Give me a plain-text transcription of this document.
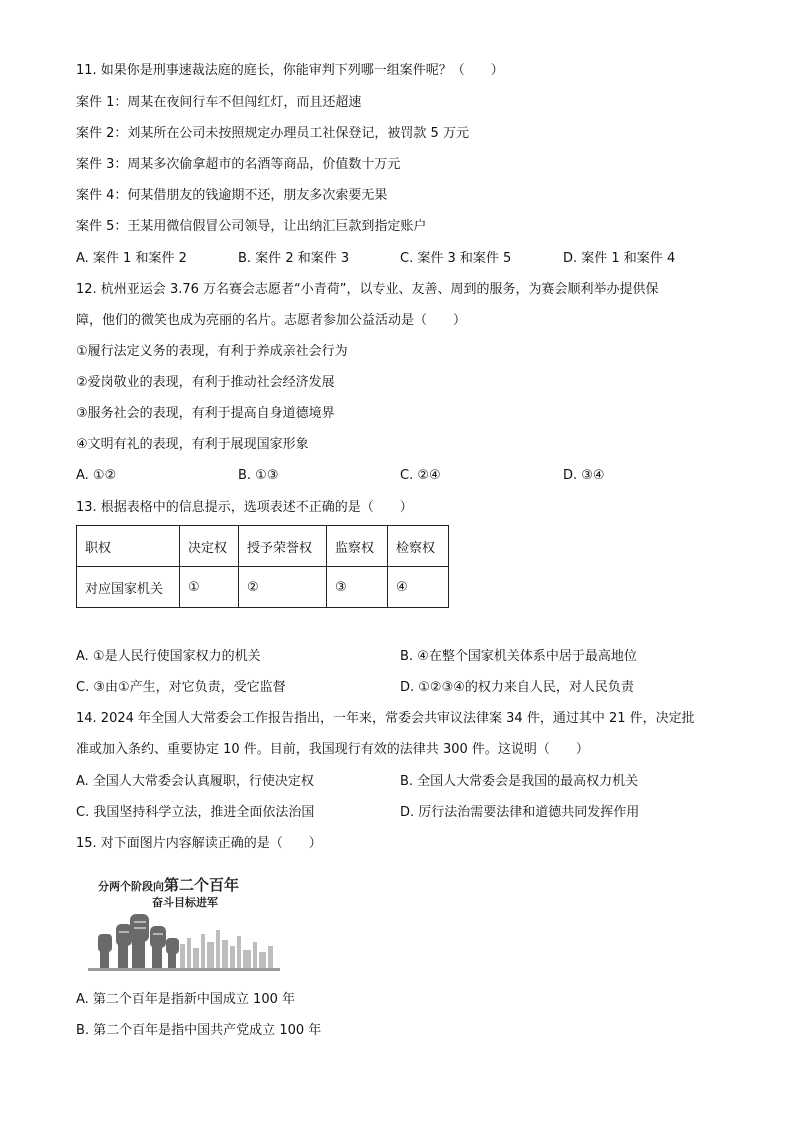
11. 如果你是刑事速裁法庭的庭长，你能审判下列哪一组案件呢？（　　）
案件 1：周某在夜间行车不但闯红灯，而且还超速
案件 2：刘某所在公司未按照规定办理员工社保登记，被罚款 5 万元
案件 3：周某多次偷拿超市的名酒等商品，价值数十万元
案件 4：何某借朋友的钱逾期不还，朋友多次索要无果
案件 5：王某用微信假冒公司领导，让出纳汇巨款到指定账户
A. 案件 1 和案件 2	B. 案件 2 和案件 3	C. 案件 3 和案件 5	D. 案件 1 和案件 4
12. 杭州亚运会 3.76 万名赛会志愿者“小青荷”，以专业、友善、周到的服务，为赛会顺利举办提供保
障，他们的微笑也成为亮丽的名片。志愿者参加公益活动是（　　）
①履行法定义务的表现，有利于养成亲社会行为
②爱岗敬业的表现，有利于推动社会经济发展
③服务社会的表现，有利于提高自身道德境界
④文明有礼的表现，有利于展现国家形象
A. ①②	B. ①③	C. ②④	D. ③④
13. 根据表格中的信息提示，选项表述不正确的是（　　）
职权	决定权	授予荣誉权	监察权	检察权
对应国家机关	①	②	③	④
A. ①是人民行使国家权力的机关	B. ④在整个国家机关体系中居于最高地位
C. ③由①产生，对它负责，受它监督	D. ①②③④的权力来自人民，对人民负责
14. 2024 年全国人大常委会工作报告指出，一年来，常委会共审议法律案 34 件，通过其中 21 件，决定批
准或加入条约、重要协定 10 件。目前，我国现行有效的法律共 300 件。这说明（　　）
A. 全国人大常委会认真履职，行使决定权	B. 全国人大常委会是我国的最高权力机关
C. 我国坚持科学立法，推进全面依法治国	D. 厉行法治需要法律和道德共同发挥作用
15. 对下面图片内容解读正确的是（　　）
分两个阶段向第二个百年
奋斗目标进军
A. 第二个百年是指新中国成立 100 年
B. 第二个百年是指中国共产党成立 100 年
